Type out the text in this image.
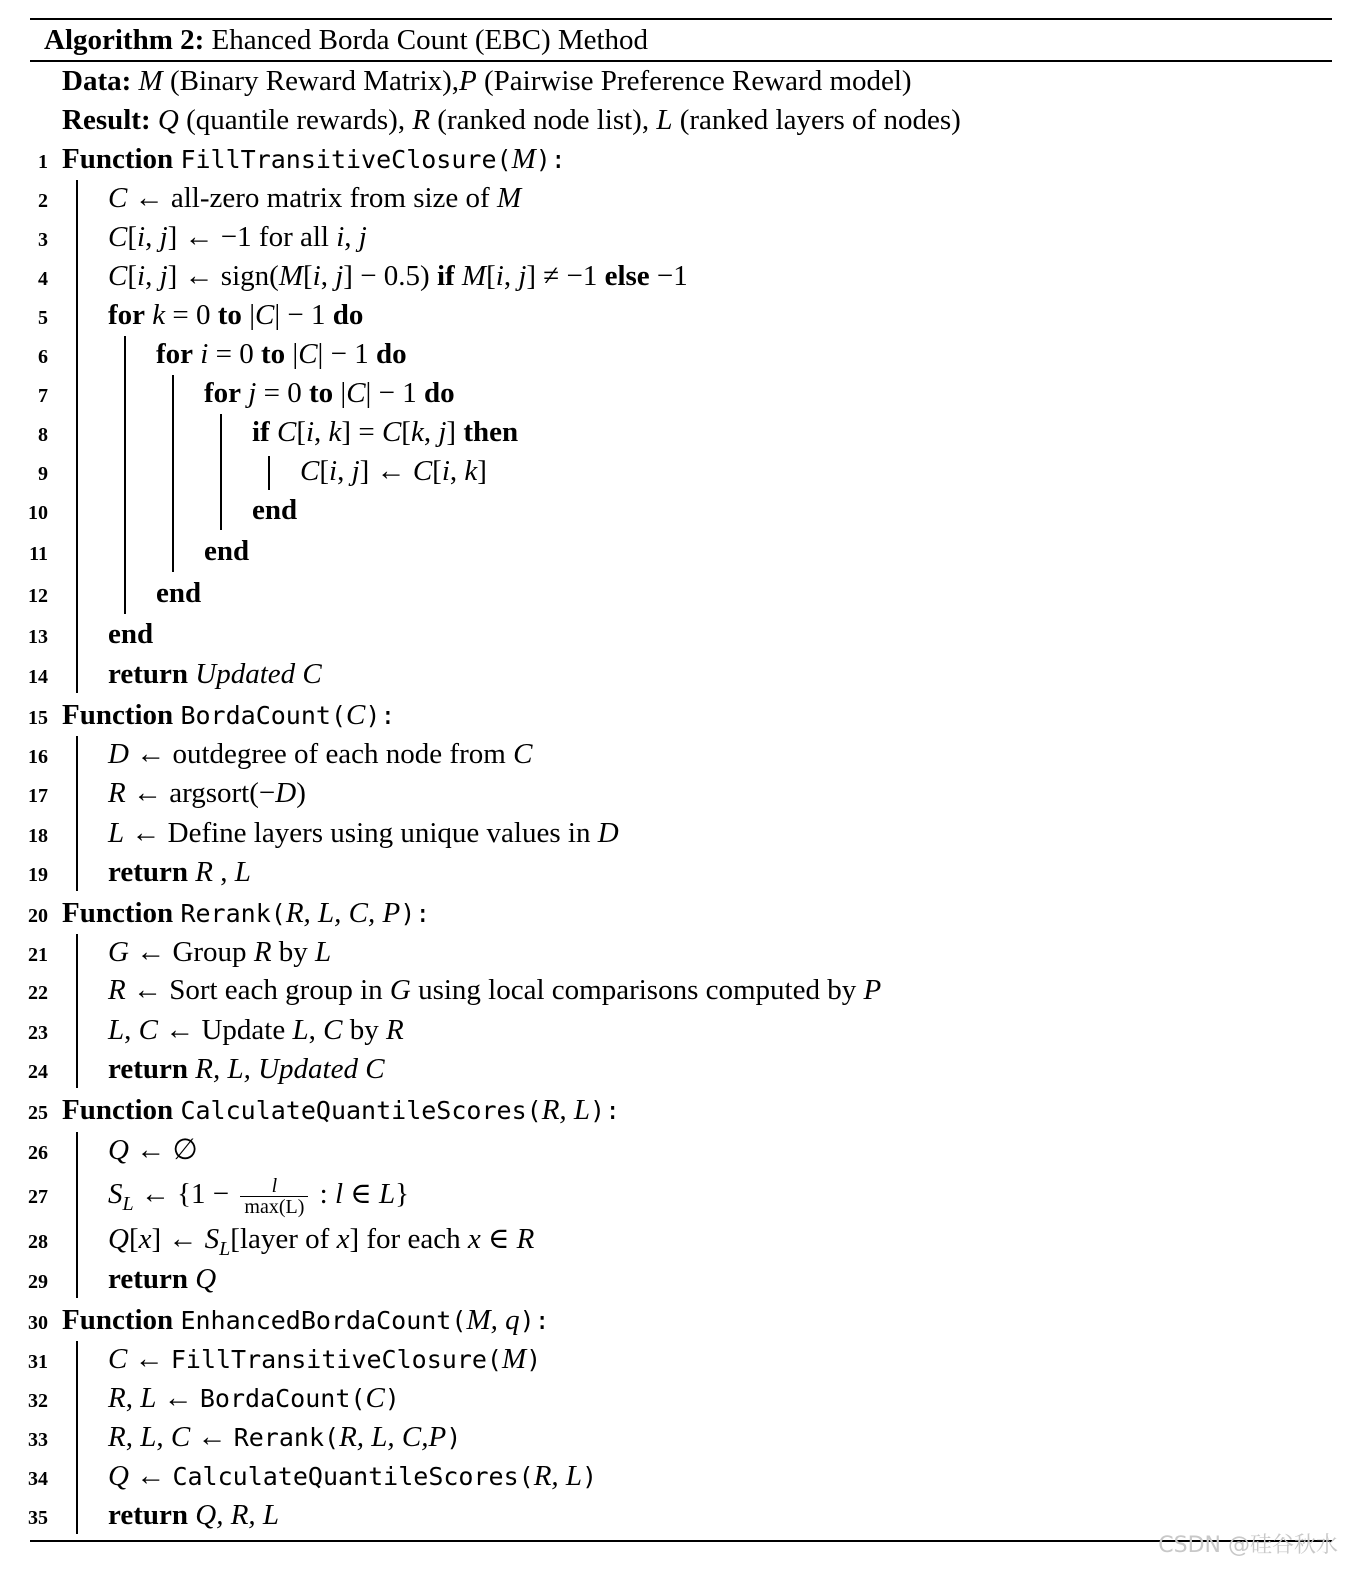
Algorithm 2: Ehanced Borda Count (EBC) Method
Data: M (Binary Reward Matrix),P (Pairwise Preference Reward model)
Result: Q (quantile rewards), R (ranked node list), L (ranked layers of nodes)
1 Function FillTransitiveClosure(M):
2 C ← all-zero matrix from size of M
3 C[i, j] ← −1 for all i, j
4 C[i, j] ← sign(M[i, j] − 0.5) if M[i, j] ≠ −1 else −1
5 for k = 0 to |C| − 1 do
6	for i = 0 to |C| − 1 do
7	for j = 0 to |C| − 1 do
8	if C[i, k] = C[k, j] then
9	C[i, j] ← C[i, k]
10	end
11	end
12	end
13 end
14 return Updated C
15 Function BordaCount(C):
16 D ← outdegree of each node from C
17 R ← argsort(−D)
18 L ← Define layers using unique values in D
19 return R , L
20 Function Rerank(R, L, C, P):
21 G ← Group R by L
22 R ← Sort each group in G using local comparisons computed by P
23 L, C ← Update L, C by R
24 return R, L, Updated C
25 Function CalculateQuantileScores(R, L):
26 Q ← ∅
27 $S_L$ ← {$1 - \frac{l}{\max(L)}$ : l ∈ L}
28 Q[x] ← $S_L[layer$ of x] for each x ∈ R
29 return Q
30 Function EnhancedBordaCount(M, q):
31 C ← FillTransitiveClosure(M)
32 R, L ← BordaCount(C)
33 R, L, C ← Rerank(R, L, C,P)
34 Q ← CalculateQuantileScores(R, L)
35 return Q, R, L
CSDN @硅谷秋水
